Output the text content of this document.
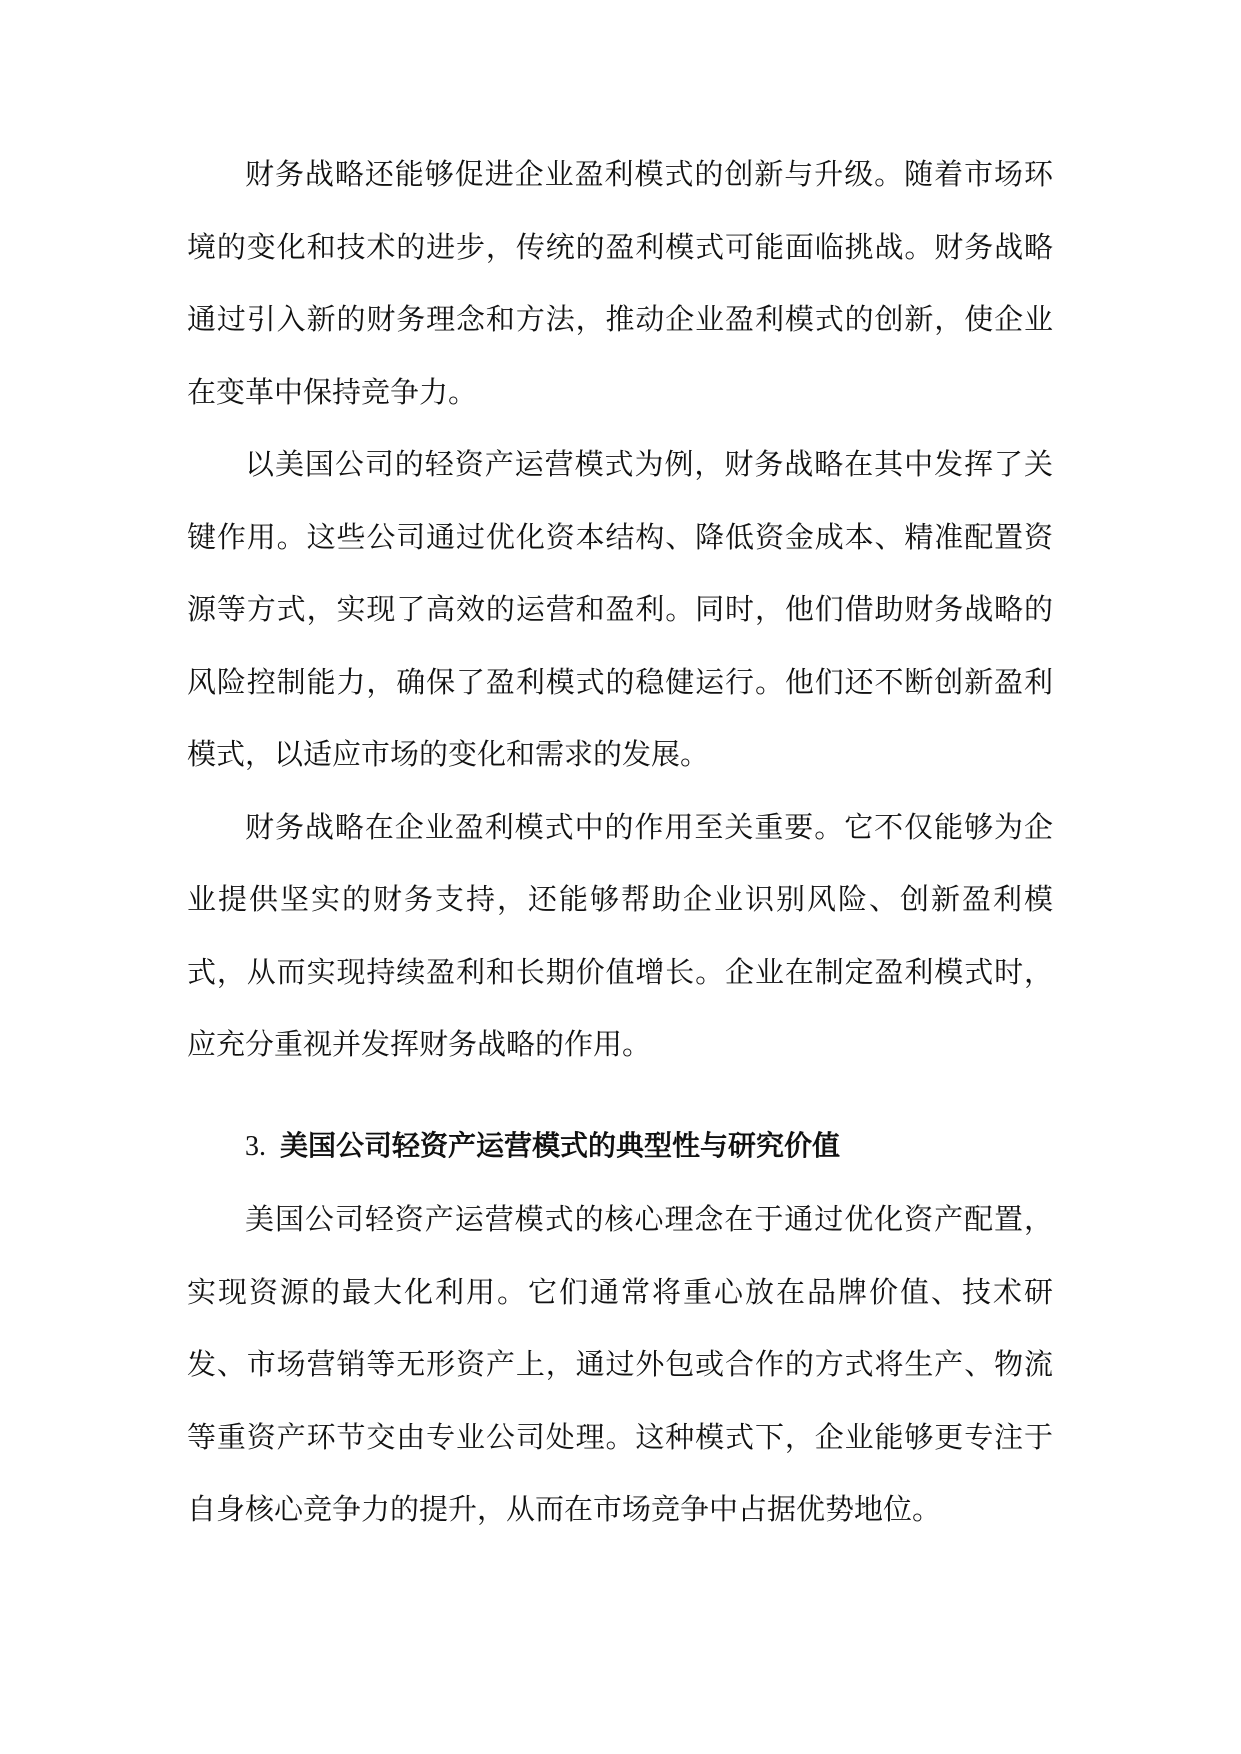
财务战略还能够促进企业盈利模式的创新与升级。随着市场环境的变化和技术的进步，传统的盈利模式可能面临挑战。财务战略通过引入新的财务理念和方法，推动企业盈利模式的创新，使企业在变革中保持竞争力。

以美国公司的轻资产运营模式为例，财务战略在其中发挥了关键作用。这些公司通过优化资本结构、降低资金成本、精准配置资源等方式，实现了高效的运营和盈利。同时，他们借助财务战略的风险控制能力，确保了盈利模式的稳健运行。他们还不断创新盈利模式，以适应市场的变化和需求的发展。

财务战略在企业盈利模式中的作用至关重要。它不仅能够为企业提供坚实的财务支持，还能够帮助企业识别风险、创新盈利模式，从而实现持续盈利和长期价值增长。企业在制定盈利模式时，应充分重视并发挥财务战略的作用。

3. 美国公司轻资产运营模式的典型性与研究价值

美国公司轻资产运营模式的核心理念在于通过优化资产配置，实现资源的最大化利用。它们通常将重心放在品牌价值、技术研发、市场营销等无形资产上，通过外包或合作的方式将生产、物流等重资产环节交由专业公司处理。这种模式下，企业能够更专注于自身核心竞争力的提升，从而在市场竞争中占据优势地位。
